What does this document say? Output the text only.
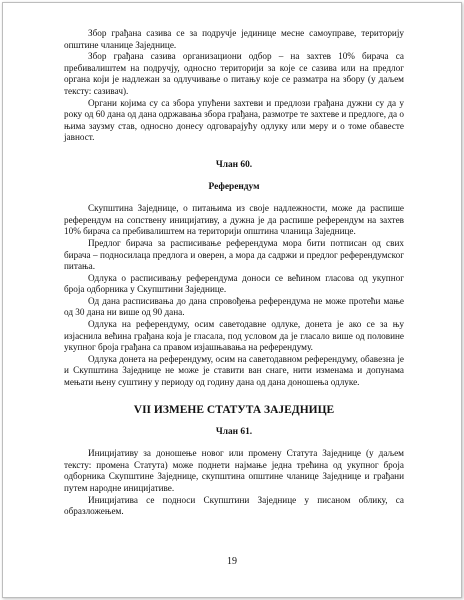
Збор грађана сазива се за подручје јединице месне самоуправе, територију општине чланице Заједнице.

Збор грађана сазива организациони одбор – на захтев 10% бирача са пребивалиштем на подручју, односно територији за које се сазива или на предлог органа који је надлежан за одлучивање о питању које се разматра на збору (у даљем тексту: сазивач).

Органи којима су са збора упућени захтеви и предлози грађана дужни су да у року од 60 дана од дана одржавања збора грађана, размотре те захтеве и предлоге, да о њима заузму став, односно донесу одговарајућу одлуку или меру и о томе обавесте јавност.

Члан 60.

Референдум

Скупштина Заједнице, о питањима из своје надлежности, може да распише референдум на сопствену иницијативу, а дужна је да распише референдум на захтев 10% бирача са пребивалиштем на територији општина чланица Заједнице.

Предлог бирача за расписивање референдума мора бити потписан од свих бирача – подносилаца предлога и оверен, а мора да садржи и предлог референдумског питања.

Одлука о расписивању референдума доноси се већином гласова од укупног броја одборника у Скупштини Заједнице.

Од дана расписивања до дана спровођења референдума не може протећи мање од 30 дана ни више од 90 дана.

Одлука на референдуму, осим саветодавне одлуке, донета је ако се за њу изјаснила већина грађана која је гласала, под условом да је гласало више од половине укупног броја грађана са правом изјашњавања на референдуму.

Одлука донета на референдуму, осим на саветодавном референдуму, обавезна је и Скупштина Заједнице не може је ставити ван снаге, нити изменама и допунама мењати њену суштину у периоду од годину дана од дана доношења одлуке.

VII ИЗМЕНЕ СТАТУТА ЗАЈЕДНИЦЕ

Члан 61.

Иницијативу за доношење новог или промену Статута Заједнице (у даљем тексту: промена Статута) може поднети најмање једна трећина од укупног броја одборника Скупштине Заједнице, скупштина општине чланице Заједнице и грађани путем народне иницијативе.

Иницијатива се подноси Скупштини Заједнице у писаном облику, са образложењем.

19
